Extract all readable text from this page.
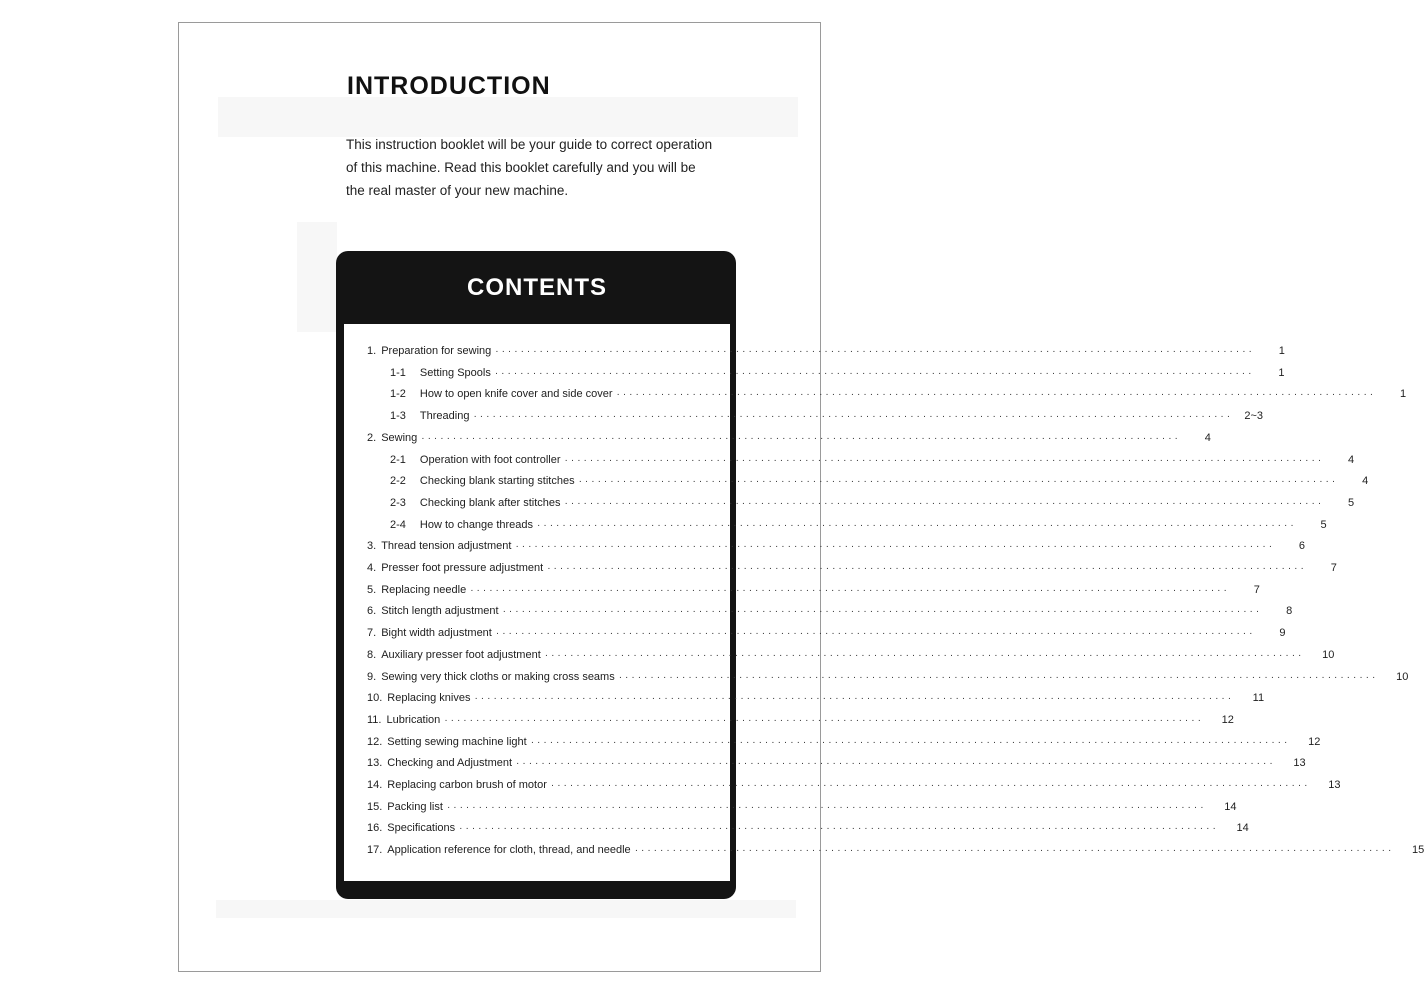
INTRODUCTION

This instruction booklet will be your guide to correct operation

of this machine. Read this booklet carefully and you will be

the real master of your new machine.

CONTENTS
1. Preparation for sewing ························································································································	1
1-1	Setting Spools ························································································································	1
1-2	How to open knife cover and side cover ························································································································	1
1-3	Threading ························································································································	2~3
2. Sewing ························································································································	4
2-1	Operation with foot controller ························································································································	4
2-2	Checking blank starting stitches ························································································································	4
2-3	Checking blank after stitches ························································································································	5
2-4	How to change threads ························································································································	5
3. Thread tension adjustment ························································································································	6
4. Presser foot pressure adjustment ························································································································	7
5. Replacing needle ························································································································	7
6. Stitch length adjustment ························································································································	8
7. Bight width adjustment ························································································································	9
8. Auxiliary presser foot adjustment ························································································································	10
9. Sewing very thick cloths or making cross seams ························································································································	10
10. Replacing knives ························································································································	11
11. Lubrication ························································································································	12
12. Setting sewing machine light ························································································································	12
13. Checking and Adjustment ························································································································	13
14. Replacing carbon brush of motor ························································································································	13
15. Packing list ························································································································	14
16. Specifications ························································································································	14
17. Application reference for cloth, thread, and needle ························································································································	15
